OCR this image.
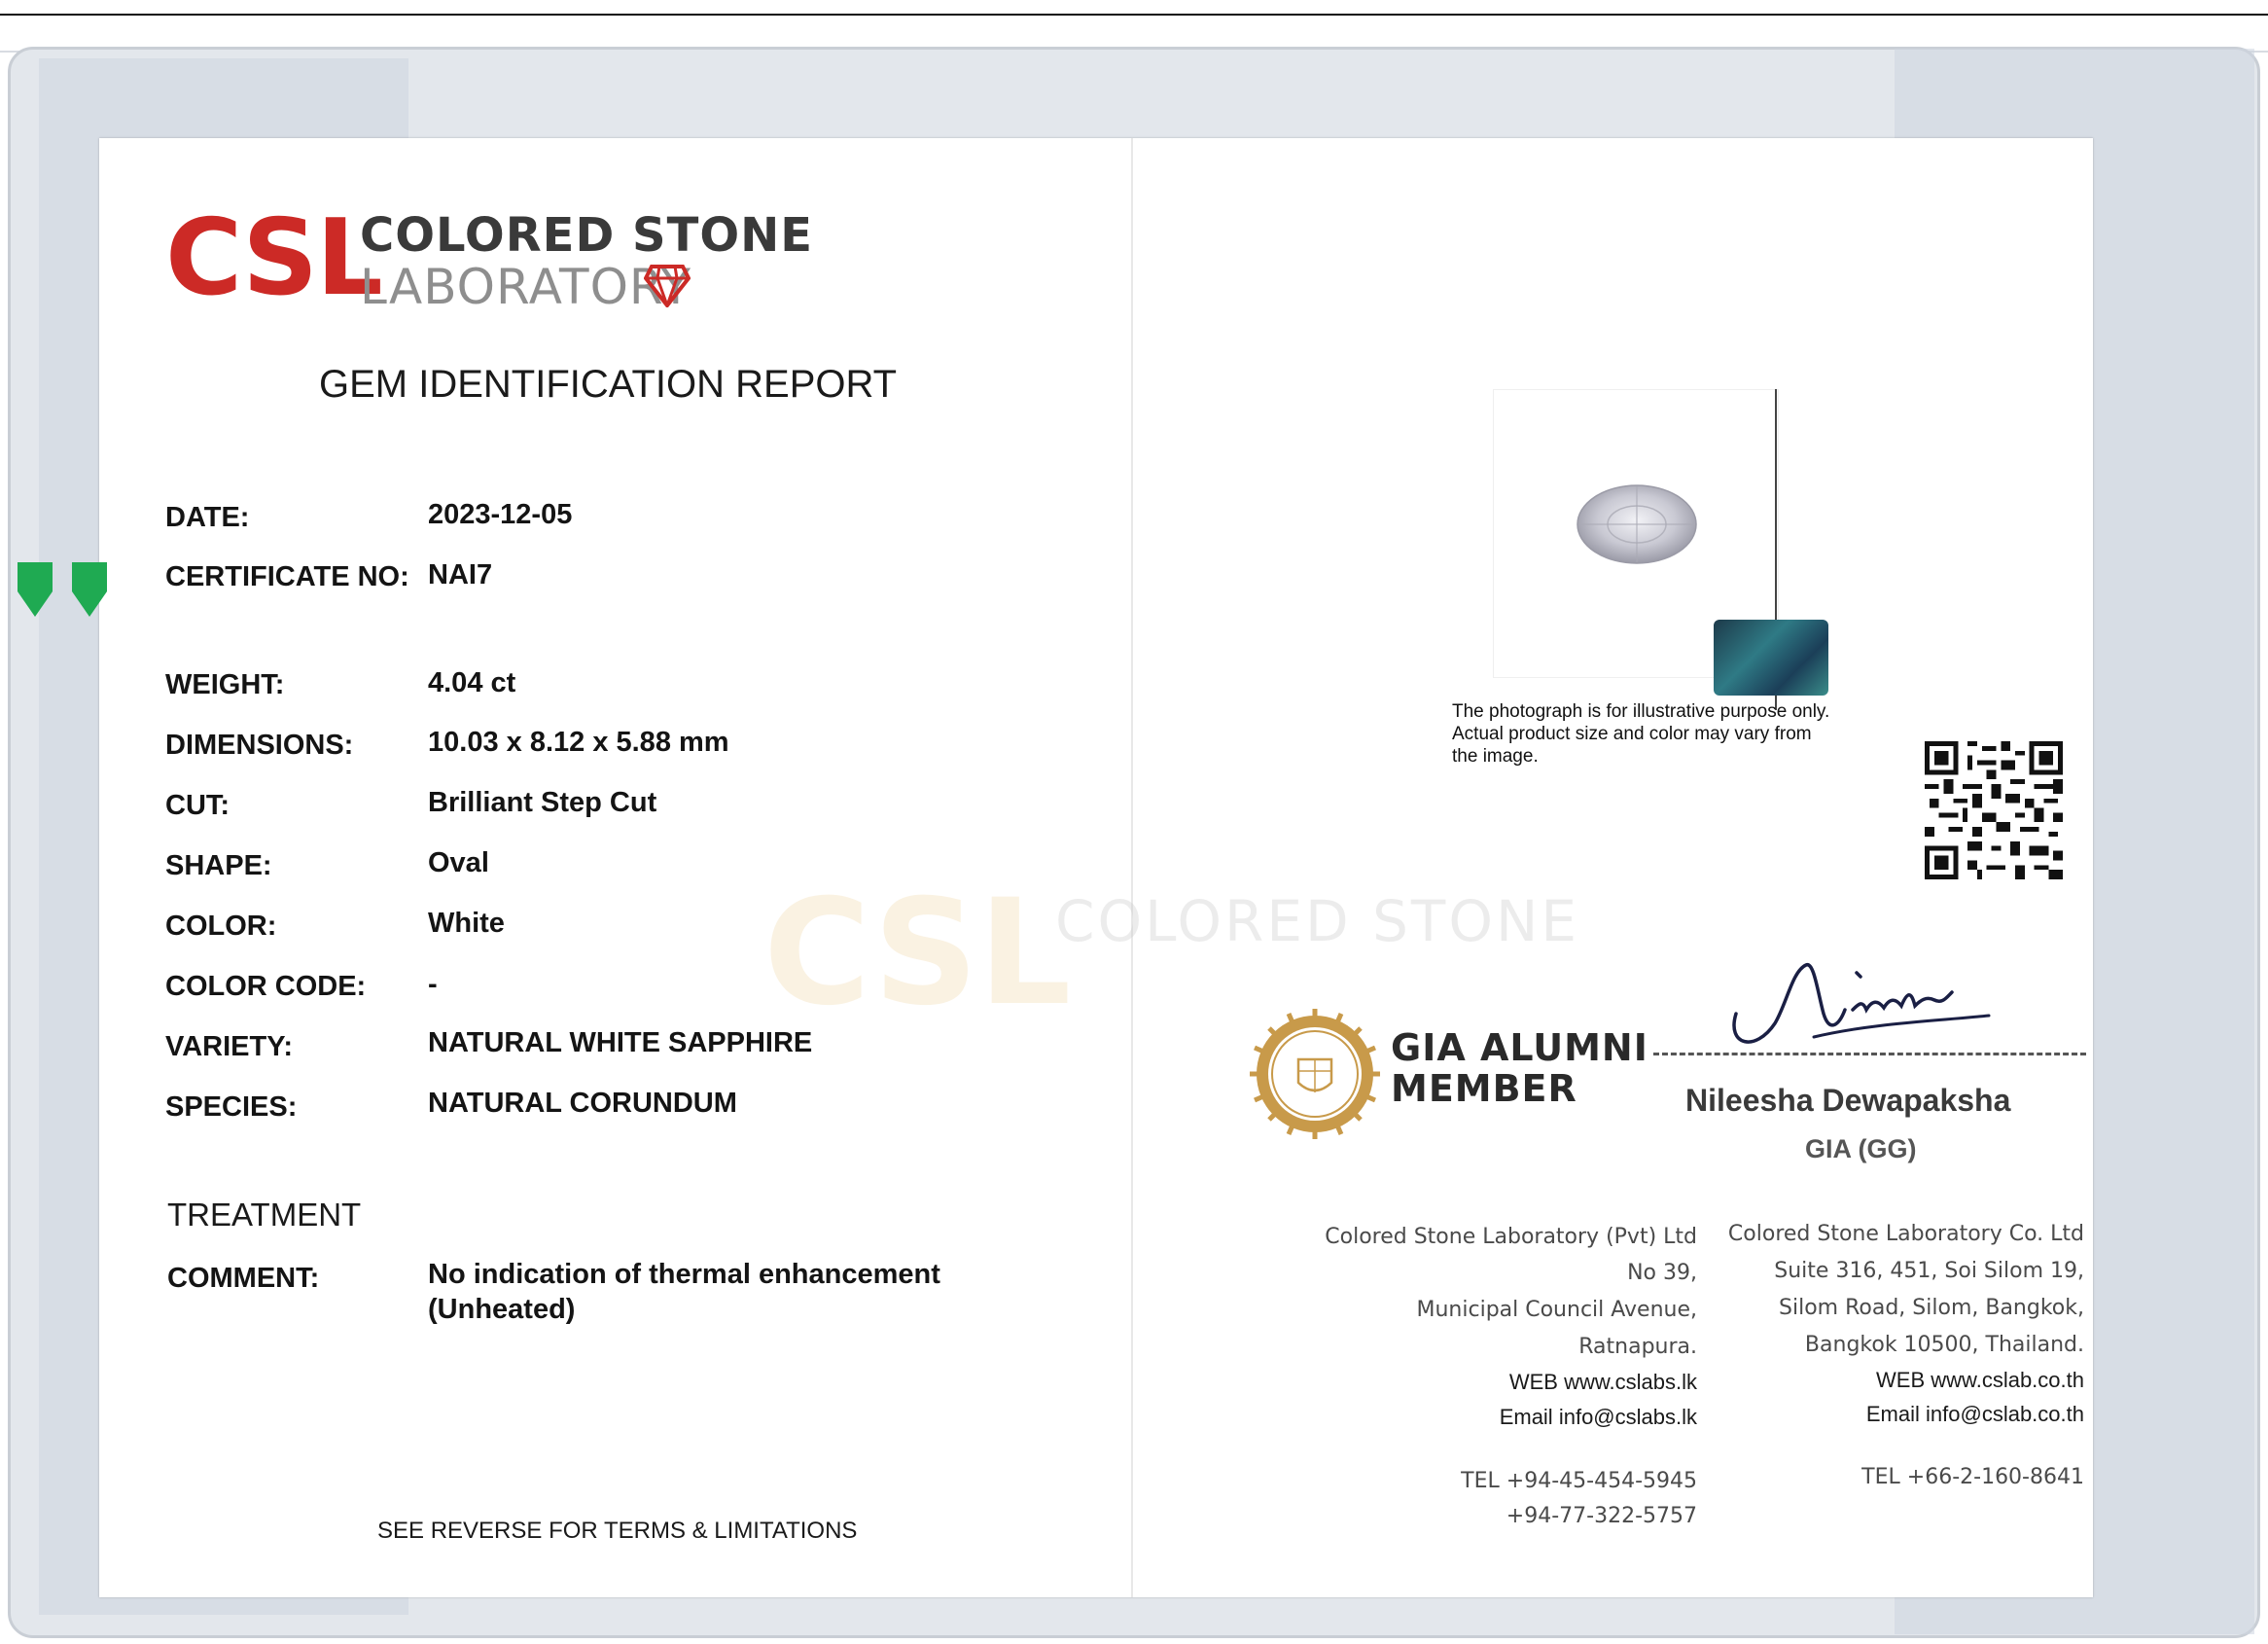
CSL
COLORED STONE
LABORATORY
GEM IDENTIFICATION REPORT
DATE:	2023-12-05
CERTIFICATE NO: NAI7
WEIGHT:	4.04 ct
DIMENSIONS:	10.03 x 8.12 x 5.88 mm
CUT:	Brilliant Step Cut
SHAPE:	Oval
COLOR:	White
COLOR CODE: -
VARIETY:	NATURAL WHITE SAPPHIRE
SPECIES:	NATURAL CORUNDUM
TREATMENT
COMMENT:	No indication of thermal enhancement
(Unheated)
SEE REVERSE FOR TERMS & LIMITATIONS
CSL
COLORED STONE
The photograph is for illustrative purpose only. Actual product size and color may vary from the image.
GIA ALUMNI
MEMBER	Nileesha Dewapaksha
GIA (GG)
Colored Stone Laboratory (Pvt) Ltd
No 39,
Municipal Council Avenue,
Ratnapura.
WEB www.cslabs.lk
Email info@cslabs.lk
TEL +94-45-454-5945
+94-77-322-5757
Colored Stone Laboratory Co. Ltd
Suite 316, 451, Soi Silom 19,
Silom Road, Silom, Bangkok,
Bangkok 10500, Thailand.
WEB www.cslab.co.th
Email info@cslab.co.th
TEL +66-2-160-8641
